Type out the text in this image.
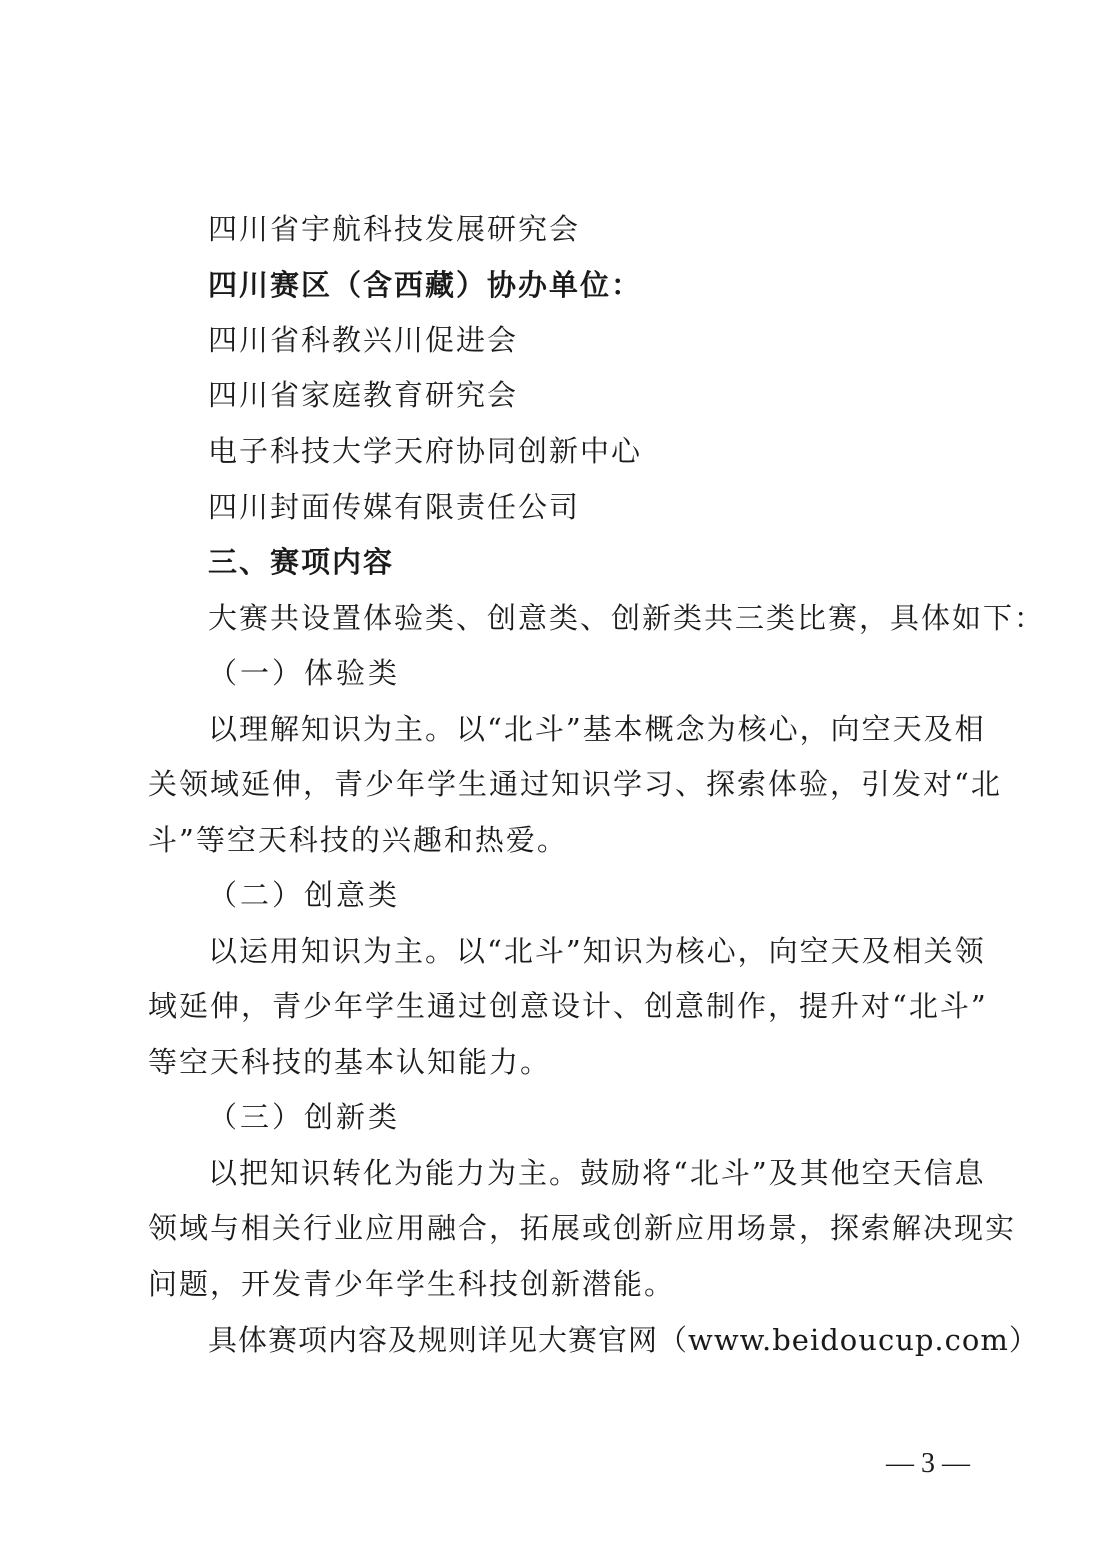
四川省宇航科技发展研究会
四川赛区（含西藏）协办单位：
四川省科教兴川促进会
四川省家庭教育研究会
电子科技大学天府协同创新中心
四川封面传媒有限责任公司
三、赛项内容
大赛共设置体验类、创意类、创新类共三类比赛，具体如下：
（一）体验类
以理解知识为主。以“北斗”基本概念为核心，向空天及相
关领域延伸，青少年学生通过知识学习、探索体验，引发对“北
斗”等空天科技的兴趣和热爱。
（二）创意类
以运用知识为主。以“北斗”知识为核心，向空天及相关领
域延伸，青少年学生通过创意设计、创意制作，提升对“北斗”
等空天科技的基本认知能力。
（三）创新类
以把知识转化为能力为主。鼓励将“北斗”及其他空天信息
领域与相关行业应用融合，拓展或创新应用场景，探索解决现实
问题，开发青少年学生科技创新潜能。
具体赛项内容及规则详见大赛官网（www.beidoucup.com）
— 3 —
